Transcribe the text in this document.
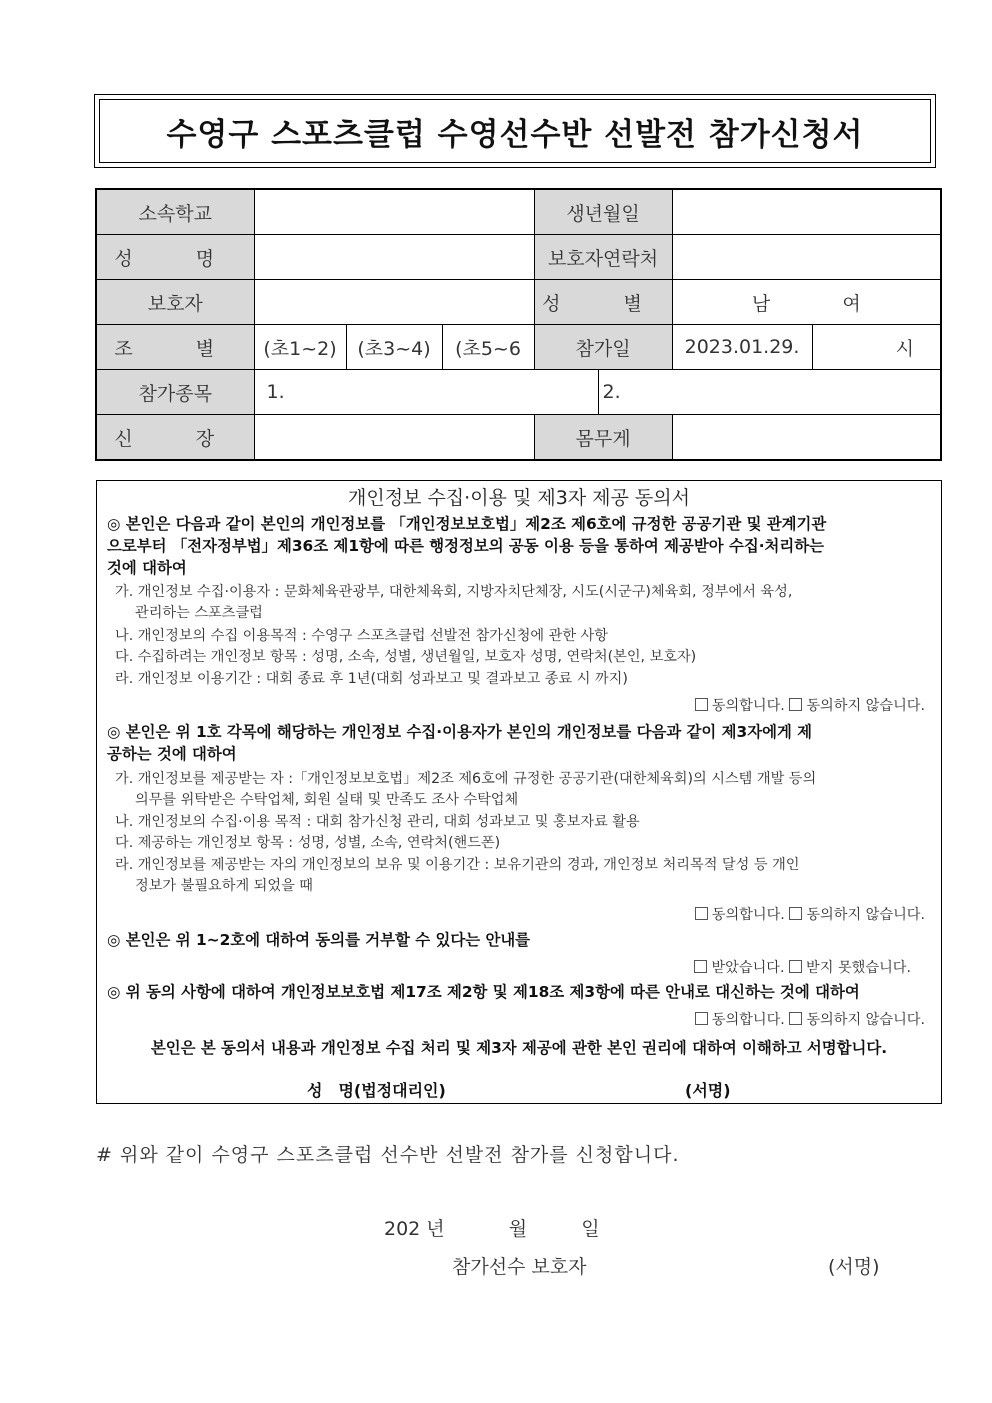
수영구 스포츠클럽 수영선수반 선발전 참가신청서
소속학교				생년월일			
성　명				보호자연락처			
보호자				성　별		남 여	
조　별	(초1~2)	(초3~4)	(초5~6	참가일		2023.01.29.	시
참가종목	1.				2.		
신　장				몸무게			
개인정보 수집·이용 및 제3자 제공 동의서
◎ 본인은 다음과 같이 본인의 개인정보를 「개인정보보호법」제2조 제6호에 규정한 공공기관 및 관계기관
으로부터 「전자정부법」제36조 제1항에 따른 행정정보의 공동 이용 등을 통하여 제공받아 수집·처리하는
것에 대하여
가. 개인정보 수집·이용자 : 문화체육관광부, 대한체육회, 지방자치단체장, 시도(시군구)체육회, 정부에서 육성,
관리하는 스포츠클럽
나. 개인정보의 수집 이용목적 : 수영구 스포츠클럽 선발전 참가신청에 관한 사항
다. 수집하려는 개인정보 항목 : 성명, 소속, 성별, 생년월일, 보호자 성명, 연락처(본인, 보호자)
라. 개인정보 이용기간 : 대회 종료 후 1년(대회 성과보고 및 결과보고 종료 시 까지)
동의합니다. 동의하지 않습니다.
◎ 본인은 위 1호 각목에 해당하는 개인정보 수집·이용자가 본인의 개인정보를 다음과 같이 제3자에게 제
공하는 것에 대하여
가. 개인정보를 제공받는 자 :「개인정보보호법」제2조 제6호에 규정한 공공기관(대한체육회)의 시스템 개발 등의
의무를 위탁받은 수탁업체, 회원 실태 및 만족도 조사 수탁업체
나. 개인정보의 수집·이용 목적 : 대회 참가신청 관리, 대회 성과보고 및 홍보자료 활용
다. 제공하는 개인정보 항목 : 성명, 성별, 소속, 연락처(핸드폰)
라. 개인정보를 제공받는 자의 개인정보의 보유 및 이용기간 : 보유기관의 경과, 개인정보 처리목적 달성 등 개인
정보가 불필요하게 되었을 때
동의합니다. 동의하지 않습니다.
◎ 본인은 위 1~2호에 대하여 동의를 거부할 수 있다는 안내를
받았습니다. 받지 못했습니다.
◎ 위 동의 사항에 대하여 개인정보보호법 제17조 제2항 및 제18조 제3항에 따른 안내로 대신하는 것에 대하여
동의합니다. 동의하지 않습니다.
본인은 본 동의서 내용과 개인정보 수집 처리 및 제3자 제공에 관한 본인 권리에 대하여 이해하고 서명합니다.
성　명(법정대리인)	(서명)
# 위와 같이 수영구 스포츠클럽 선수반 선발전 참가를 신청합니다.
202 년	월	일
참가선수 보호자	(서명)
